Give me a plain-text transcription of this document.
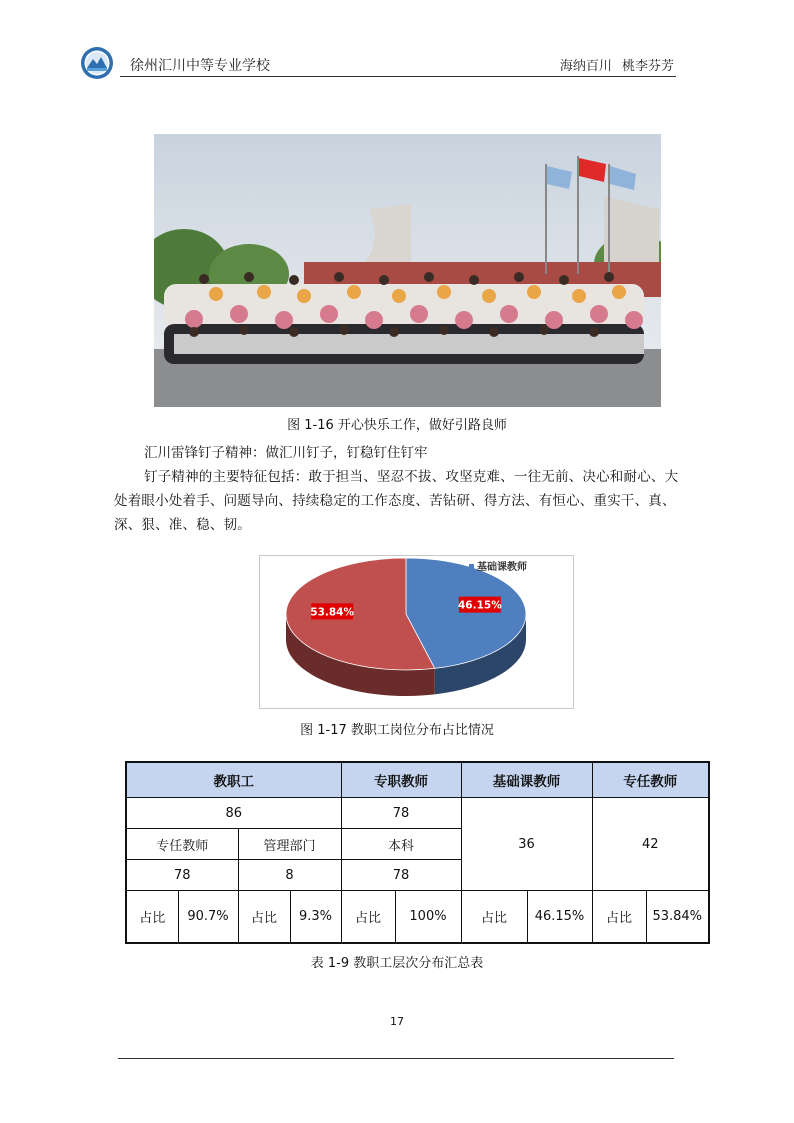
徐州汇川中等专业学校	海纳百川 桃李芬芳
图 1-16 开心快乐工作，做好引路良师
汇川雷锋钉子精神：做汇川钉子，钉稳钉住钉牢
钉子精神的主要特征包括：敢于担当、坚忍不拔、攻坚克难、一往无前、决心和耐心、大处着眼小处着手、问题导向、持续稳定的工作态度、苦钻研、得方法、有恒心、重实干、真、深、狠、准、稳、韧。
46.15%
53.84%
基础课教师
图 1-17 教职工岗位分布占比情况
教职工				专职教师		基础课教师		专任教师	
86				78		36		42	
专任教师		管理部门		本科					
78		8		78					
占比	90.7%	占比	9.3%	占比	100%	占比	46.15%	占比	53.84%
表 1-9 教职工层次分布汇总表
17
